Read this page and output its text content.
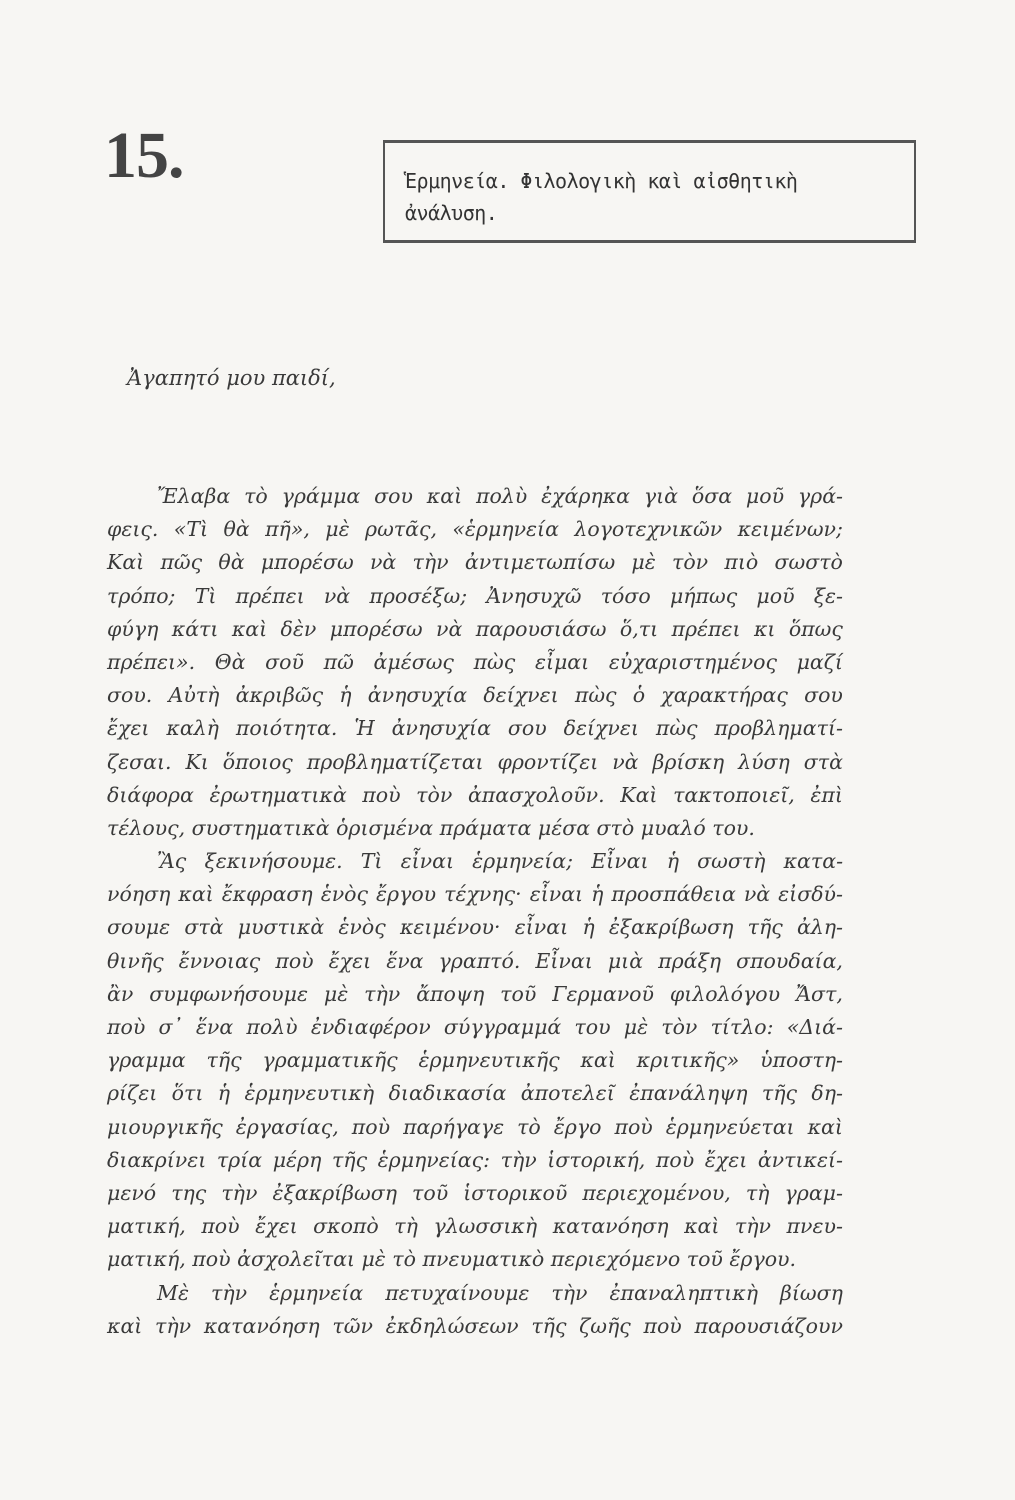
15.	Ἑρμηνεία. Φιλολογικὴ καὶ αἰσθητικὴ
ἀνάλυση.
Ἀγαπητό μου παιδί,
Ἔλαβα τὸ γράμμα σου καὶ πολὺ ἐχάρηκα γιὰ ὅσα μοῦ γρά-
φεις. «Τὶ θὰ πῆ», μὲ ρωτᾶς, «ἑρμηνεία λογοτεχνικῶν κειμένων;
Καὶ πῶς θὰ μπορέσω νὰ τὴν ἀντιμετωπίσω μὲ τὸν πιὸ σωστὸ
τρόπο; Τὶ πρέπει νὰ προσέξω; Ἀνησυχῶ τόσο μήπως μοῦ ξε-
φύγη κάτι καὶ δὲν μπορέσω νὰ παρουσιάσω ὅ,τι πρέπει κι ὅπως
πρέπει». Θὰ σοῦ πῶ ἀμέσως πὼς εἶμαι εὐχαριστημένος μαζί
σου. Αὐτὴ ἀκριβῶς ἡ ἀνησυχία δείχνει πὼς ὁ χαρακτήρας σου
ἔχει καλὴ ποιότητα. Ἡ ἀνησυχία σου δείχνει πὼς προβληματί-
ζεσαι. Κι ὅποιος προβληματίζεται φροντίζει νὰ βρίσκη λύση στὰ
διάφορα ἐρωτηματικὰ ποὺ τὸν ἀπασχολοῦν. Καὶ τακτοποιεῖ, ἐπὶ
τέλους, συστηματικὰ ὁρισμένα πράματα μέσα στὸ μυαλό του.
Ἂς ξεκινήσουμε. Τὶ εἶναι ἑρμηνεία; Εἶναι ἡ σωστὴ κατα-
νόηση καὶ ἔκφραση ἑνὸς ἔργου τέχνης· εἶναι ἡ προσπάθεια νὰ εἰσδύ-
σουμε στὰ μυστικὰ ἑνὸς κειμένου· εἶναι ἡ ἐξακρίβωση τῆς ἀλη-
θινῆς ἔννοιας ποὺ ἔχει ἕνα γραπτό. Εἶναι μιὰ πράξη σπουδαία,
ἂν συμφωνήσουμε μὲ τὴν ἄποψη τοῦ Γερμανοῦ φιλολόγου Ἄστ,
ποὺ σ᾽ ἕνα πολὺ ἐνδιαφέρον σύγγραμμά του μὲ τὸν τίτλο: «Διά-
γραμμα τῆς γραμματικῆς ἑρμηνευτικῆς καὶ κριτικῆς» ὑποστη-
ρίζει ὅτι ἡ ἑρμηνευτικὴ διαδικασία ἀποτελεῖ ἐπανάληψη τῆς δη-
μιουργικῆς ἐργασίας, ποὺ παρήγαγε τὸ ἔργο ποὺ ἑρμηνεύεται καὶ
διακρίνει τρία μέρη τῆς ἑρμηνείας: τὴν ἱστορική, ποὺ ἔχει ἀντικεί-
μενό της τὴν ἐξακρίβωση τοῦ ἱστορικοῦ περιεχομένου, τὴ γραμ-
ματική, ποὺ ἔχει σκοπὸ τὴ γλωσσικὴ κατανόηση καὶ τὴν πνευ-
ματική, ποὺ ἀσχολεῖται μὲ τὸ πνευματικὸ περιεχόμενο τοῦ ἔργου.
Μὲ τὴν ἑρμηνεία πετυχαίνουμε τὴν ἐπαναληπτικὴ βίωση
καὶ τὴν κατανόηση τῶν ἐκδηλώσεων τῆς ζωῆς ποὺ παρουσιάζουν
